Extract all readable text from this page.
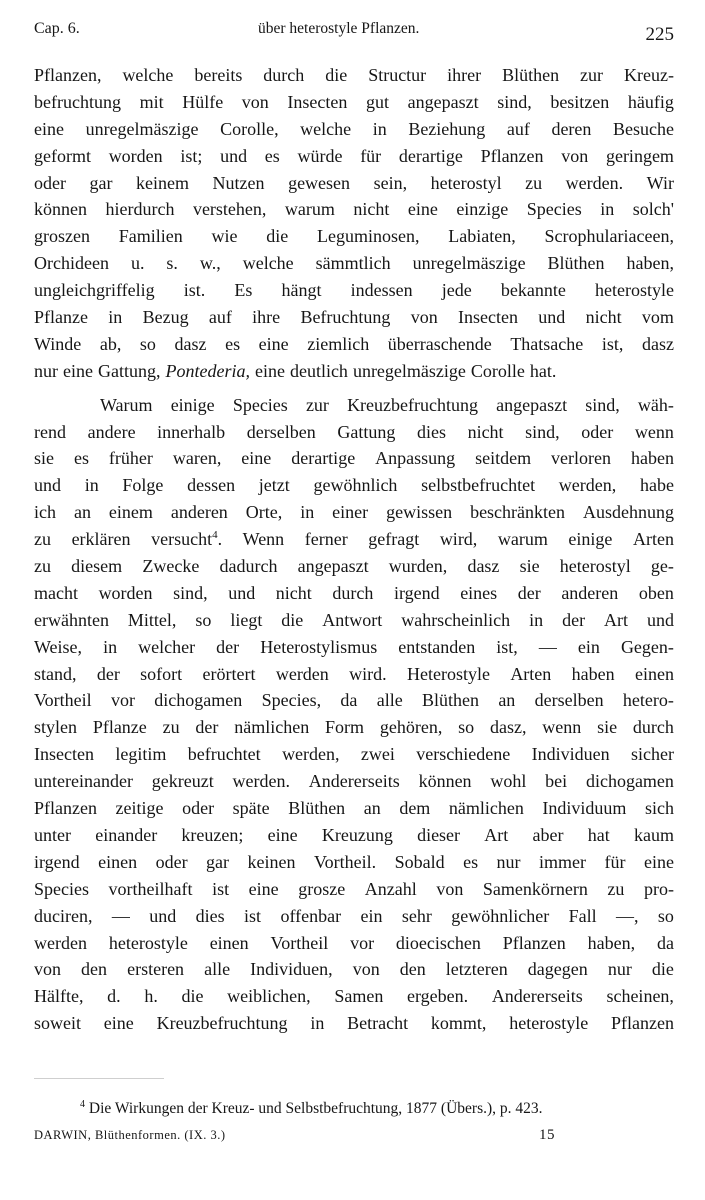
Cap. 6.	über heterostyle Pflanzen.	225
Pflanzen, welche bereits durch die Structur ihrer Blüthen zur Kreuz-
befruchtung mit Hülfe von Insecten gut angepaszt sind, besitzen häufig
eine unregelmäszige Corolle, welche in Beziehung auf deren Besuche
geformt worden ist; und es würde für derartige Pflanzen von geringem
oder gar keinem Nutzen gewesen sein, heterostyl zu werden. Wir
können hierdurch verstehen, warum nicht eine einzige Species in solch'
groszen Familien wie die Leguminosen, Labiaten, Scrophulariaceen,
Orchideen u. s. w., welche sämmtlich unregelmäszige Blüthen haben,
ungleichgriffelig ist. Es hängt indessen jede bekannte heterostyle
Pflanze in Bezug auf ihre Befruchtung von Insecten und nicht vom
Winde ab, so dasz es eine ziemlich überraschende Thatsache ist, dasz
nur eine Gattung, Pontederia, eine deutlich unregelmäszige Corolle hat.
Warum einige Species zur Kreuzbefruchtung angepaszt sind, wäh-
rend andere innerhalb derselben Gattung dies nicht sind, oder wenn
sie es früher waren, eine derartige Anpassung seitdem verloren haben
und in Folge dessen jetzt gewöhnlich selbstbefruchtet werden, habe
ich an einem anderen Orte, in einer gewissen beschränkten Ausdehnung
zu erklären versucht$^4$. Wenn ferner gefragt wird, warum einige Arten
zu diesem Zwecke dadurch angepaszt wurden, dasz sie heterostyl ge-
macht worden sind, und nicht durch irgend eines der anderen oben
erwähnten Mittel, so liegt die Antwort wahrscheinlich in der Art und
Weise, in welcher der Heterostylismus entstanden ist, — ein Gegen-
stand, der sofort erörtert werden wird. Heterostyle Arten haben einen
Vortheil vor dichogamen Species, da alle Blüthen an derselben hetero-
stylen Pflanze zu der nämlichen Form gehören, so dasz, wenn sie durch
Insecten legitim befruchtet werden, zwei verschiedene Individuen sicher
untereinander gekreuzt werden. Andererseits können wohl bei dichogamen
Pflanzen zeitige oder späte Blüthen an dem nämlichen Individuum sich
unter einander kreuzen; eine Kreuzung dieser Art aber hat kaum
irgend einen oder gar keinen Vortheil. Sobald es nur immer für eine
Species vortheilhaft ist eine grosze Anzahl von Samenkörnern zu pro-
duciren, — und dies ist offenbar ein sehr gewöhnlicher Fall —, so
werden heterostyle einen Vortheil vor dioecischen Pflanzen haben, da
von den ersteren alle Individuen, von den letzteren dagegen nur die
Hälfte, d. h. die weiblichen, Samen ergeben. Andererseits scheinen,
soweit eine Kreuzbefruchtung in Betracht kommt, heterostyle Pflanzen
$^4$ Die Wirkungen der Kreuz- und Selbstbefruchtung, 1877 (Übers.), p. 423.
DARWIN, Blüthenformen. (IX. 3.)	15
